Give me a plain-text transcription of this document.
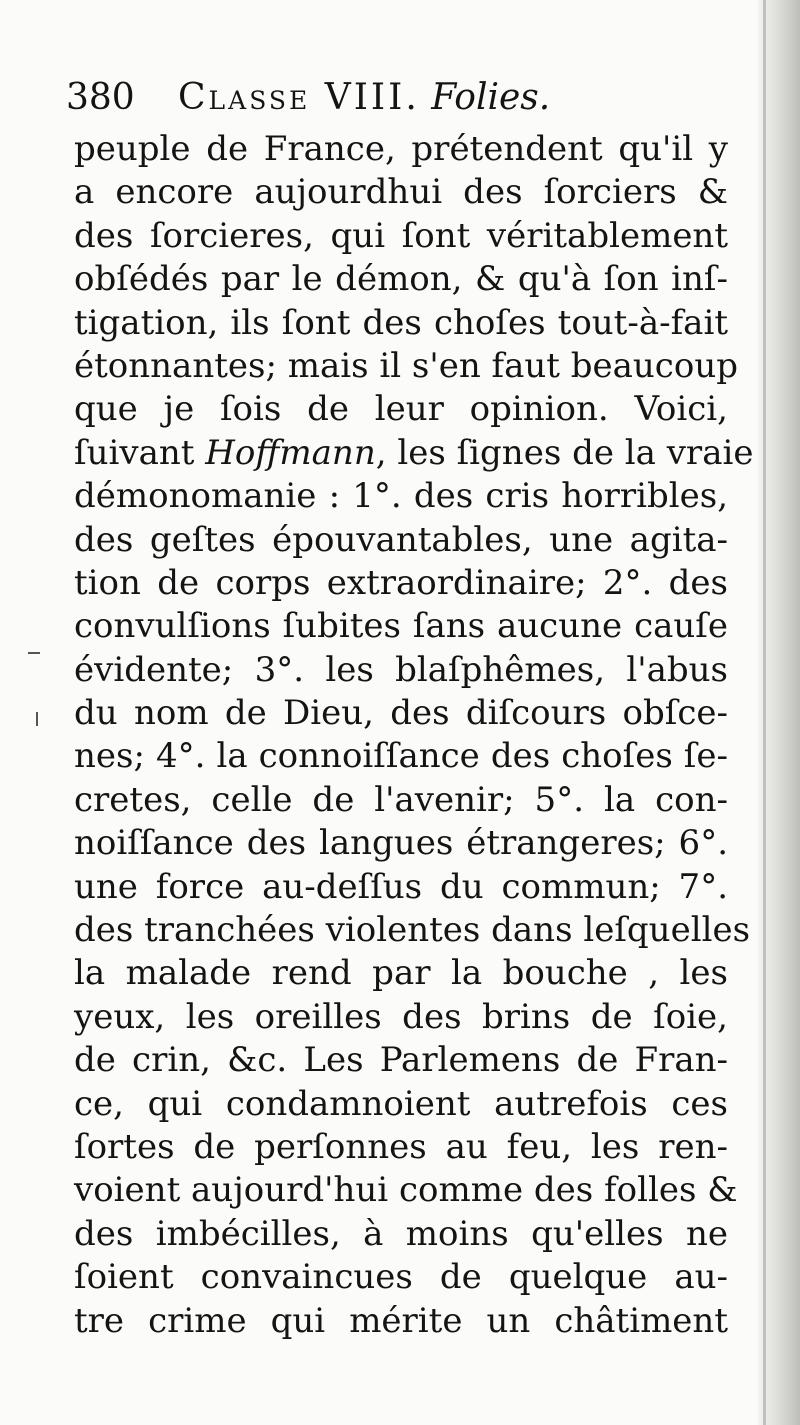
380 Classe VIII. Folies.
peuple de France, prétendent qu'il y
a encore aujourdhui des ſorciers &
des ſorcieres, qui ſont véritablement
obſédés par le démon, & qu'à ſon inſ-
tigation, ils ſont des choſes tout-à-fait
étonnantes; mais il s'en faut beaucoup
que je ſois de leur opinion. Voici,
ſuivant Hoffmann, les ſignes de la vraie
démonomanie : 1°. des cris horribles,
des geſtes épouvantables, une agita-
tion de corps extraordinaire; 2°. des
convulſions ſubites ſans aucune cauſe
évidente; 3°. les blaſphêmes, l'abus
du nom de Dieu, des diſcours obſce-
nes; 4°. la connoiſſance des choſes ſe-
cretes, celle de l'avenir; 5°. la con-
noiſſance des langues étrangeres; 6°.
une force au-deſſus du commun; 7°.
des tranchées violentes dans leſquelles
la malade rend par la bouche , les
yeux, les oreilles des brins de ſoie,
de crin, &c. Les Parlemens de Fran-
ce, qui condamnoient autrefois ces
ſortes de perſonnes au feu, les ren-
voient aujourd'hui comme des folles &
des imbécilles, à moins qu'elles ne
ſoient convaincues de quelque au-
tre crime qui mérite un châtiment
